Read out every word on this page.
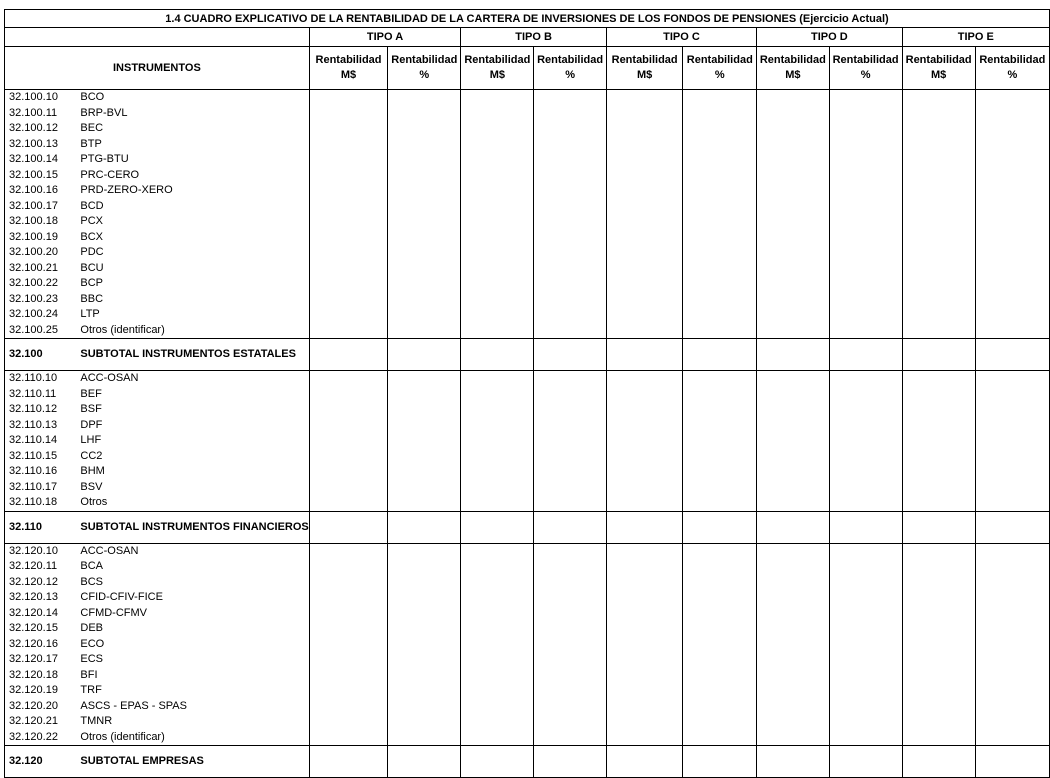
1.4 CUADRO EXPLICATIVO DE LA RENTABILIDAD DE LA CARTERA DE INVERSIONES DE LOS FONDOS DE PENSIONES (Ejercicio Actual)											
		TIPO A		TIPO B		TIPO C		TIPO D		TIPO E	
INSTRUMENTOS		Rentabilidad M$	Rentabilidad %	Rentabilidad M$	Rentabilidad %	Rentabilidad M$	Rentabilidad %	Rentabilidad M$	Rentabilidad %	Rentabilidad M$	Rentabilidad %
32.100.10	BCO										
32.100.11	BRP-BVL										
32.100.12	BEC										
32.100.13	BTP										
32.100.14	PTG-BTU										
32.100.15	PRC-CERO										
32.100.16	PRD-ZERO-XERO										
32.100.17	BCD										
32.100.18	PCX										
32.100.19	BCX										
32.100.20	PDC										
32.100.21	BCU										
32.100.22	BCP										
32.100.23	BBC										
32.100.24	LTP										
32.100.25	Otros (identificar)										
32.100	SUBTOTAL INSTRUMENTOS ESTATALES										
32.110.10	ACC-OSAN										
32.110.11	BEF										
32.110.12	BSF										
32.110.13	DPF										
32.110.14	LHF										
32.110.15	CC2										
32.110.16	BHM										
32.110.17	BSV										
32.110.18	Otros										
32.110	SUBTOTAL INSTRUMENTOS FINANCIEROS										
32.120.10	ACC-OSAN										
32.120.11	BCA										
32.120.12	BCS										
32.120.13	CFID-CFIV-FICE										
32.120.14	CFMD-CFMV										
32.120.15	DEB										
32.120.16	ECO										
32.120.17	ECS										
32.120.18	BFI										
32.120.19	TRF										
32.120.20	ASCS - EPAS - SPAS										
32.120.21	TMNR										
32.120.22	Otros (identificar)										
32.120	SUBTOTAL EMPRESAS										
